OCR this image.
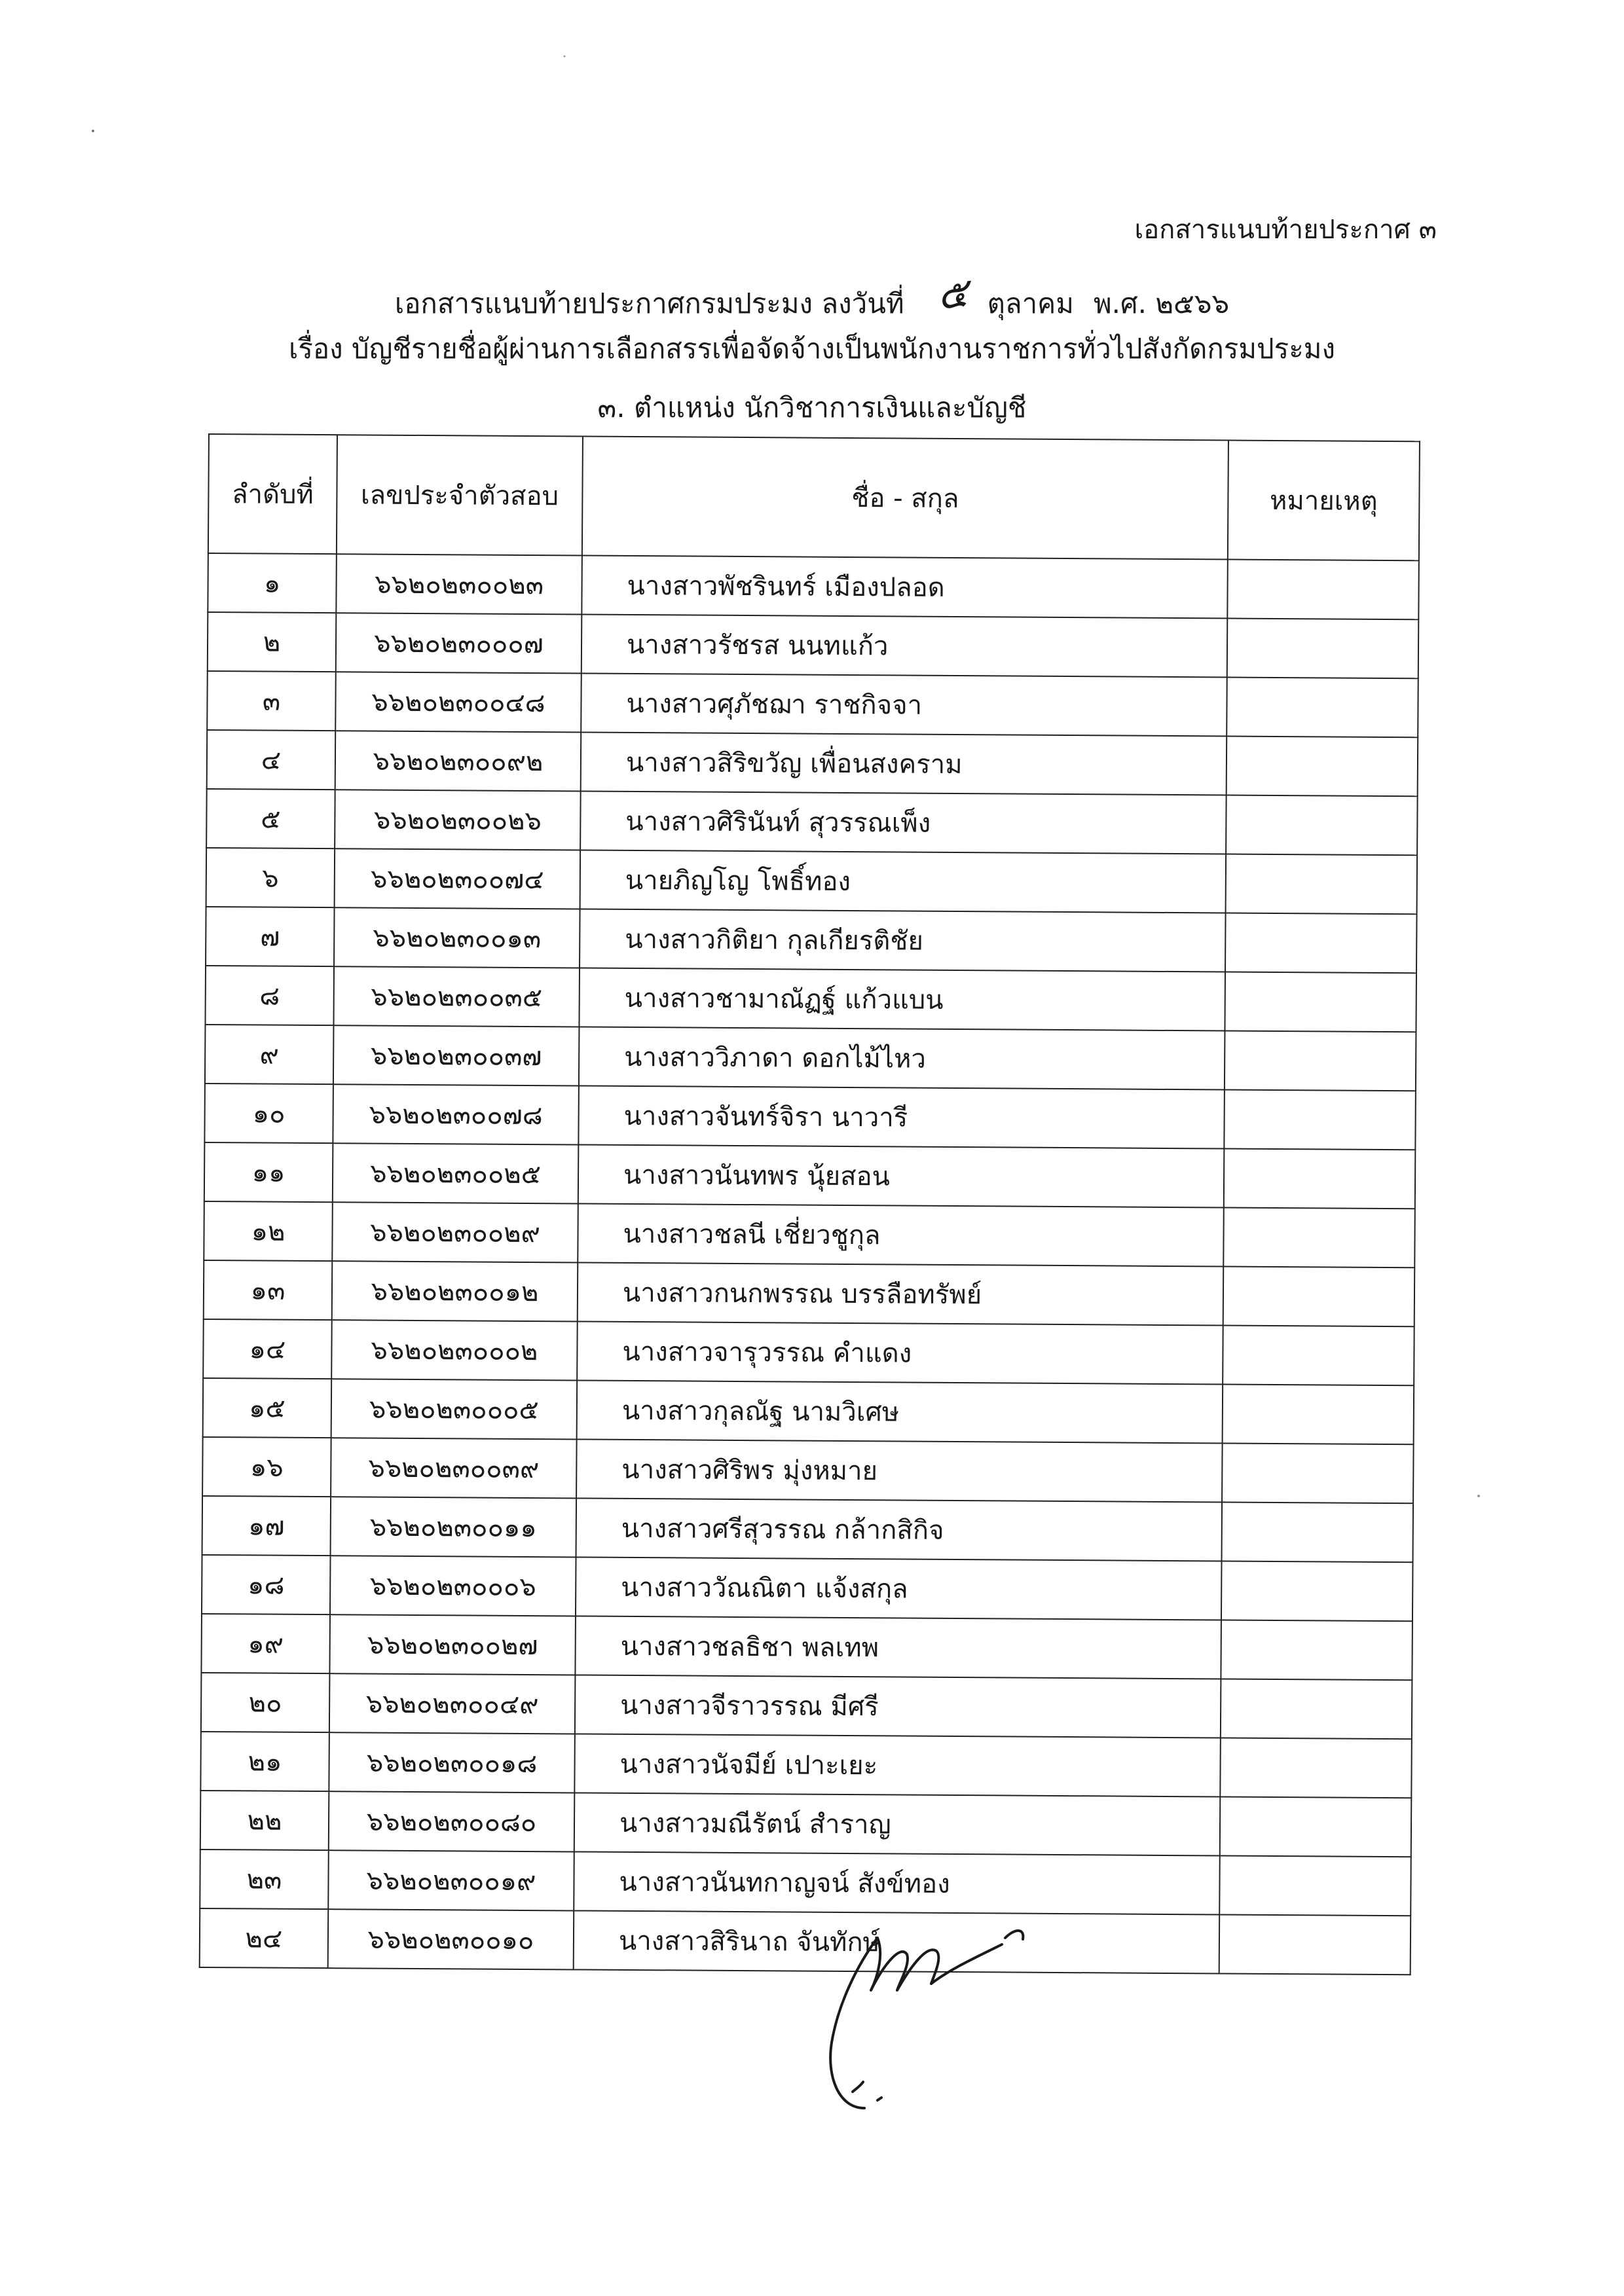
เอกสารแนบท้ายประกาศ ๓
เอกสารแนบท้ายประกาศกรมประมง ลงวันที่ ๕ ตุลาคม พ.ศ. ๒๕๖๖
เรื่อง บัญชีรายชื่อผู้ผ่านการเลือกสรรเพื่อจัดจ้างเป็นพนักงานราชการทั่วไปสังกัดกรมประมง
๓. ตำแหน่ง นักวิชาการเงินและบัญชี
ลำดับที่	เลขประจำตัวสอบ	ชื่อ - สกุล	หมายเหตุ
๑	๖๖๒๐๒๓๐๐๒๓	นางสาวพัชรินทร์ เมืองปลอด	
๒	๖๖๒๐๒๓๐๐๐๗	นางสาวรัชรส นนทแก้ว	
๓	๖๖๒๐๒๓๐๐๔๘	นางสาวศุภัชฌา ราชกิจจา	
๔	๖๖๒๐๒๓๐๐๙๒	นางสาวสิริขวัญ เพื่อนสงคราม	
๕	๖๖๒๐๒๓๐๐๒๖	นางสาวศิรินันท์ สุวรรณเพ็ง	
๖	๖๖๒๐๒๓๐๐๗๔	นายภิญโญ โพธิ์ทอง	
๗	๖๖๒๐๒๓๐๐๑๓	นางสาวกิติยา กุลเกียรติชัย	
๘	๖๖๒๐๒๓๐๐๓๕	นางสาวชามาณัฏฐ์ แก้วแบน	
๙	๖๖๒๐๒๓๐๐๓๗	นางสาววิภาดา ดอกไม้ไหว	
๑๐	๖๖๒๐๒๓๐๐๗๘	นางสาวจันทร์จิรา นาวารี	
๑๑	๖๖๒๐๒๓๐๐๒๕	นางสาวนันทพร นุ้ยสอน	
๑๒	๖๖๒๐๒๓๐๐๒๙	นางสาวชลนี เชี่ยวชูกุล	
๑๓	๖๖๒๐๒๓๐๐๑๒	นางสาวกนกพรรณ บรรลือทรัพย์	
๑๔	๖๖๒๐๒๓๐๐๐๒	นางสาวจารุวรรณ คำแดง	
๑๕	๖๖๒๐๒๓๐๐๐๕	นางสาวกุลณัฐ นามวิเศษ	
๑๖	๖๖๒๐๒๓๐๐๓๙	นางสาวศิริพร มุ่งหมาย	
๑๗	๖๖๒๐๒๓๐๐๑๑	นางสาวศรีสุวรรณ กล้ากสิกิจ	
๑๘	๖๖๒๐๒๓๐๐๐๖	นางสาววัณณิตา แจ้งสกุล	
๑๙	๖๖๒๐๒๓๐๐๒๗	นางสาวชลธิชา พลเทพ	
๒๐	๖๖๒๐๒๓๐๐๔๙	นางสาวจีราวรรณ มีศรี	
๒๑	๖๖๒๐๒๓๐๐๑๘	นางสาวนัจมีย์ เปาะเยะ	
๒๒	๖๖๒๐๒๓๐๐๘๐	นางสาวมณีรัตน์ สำราญ	
๒๓	๖๖๒๐๒๓๐๐๑๙	นางสาวนันทกาญจน์ สังข์ทอง	
๒๔	๖๖๒๐๒๓๐๐๑๐	นางสาวสิรินาถ จันทักษ์	
